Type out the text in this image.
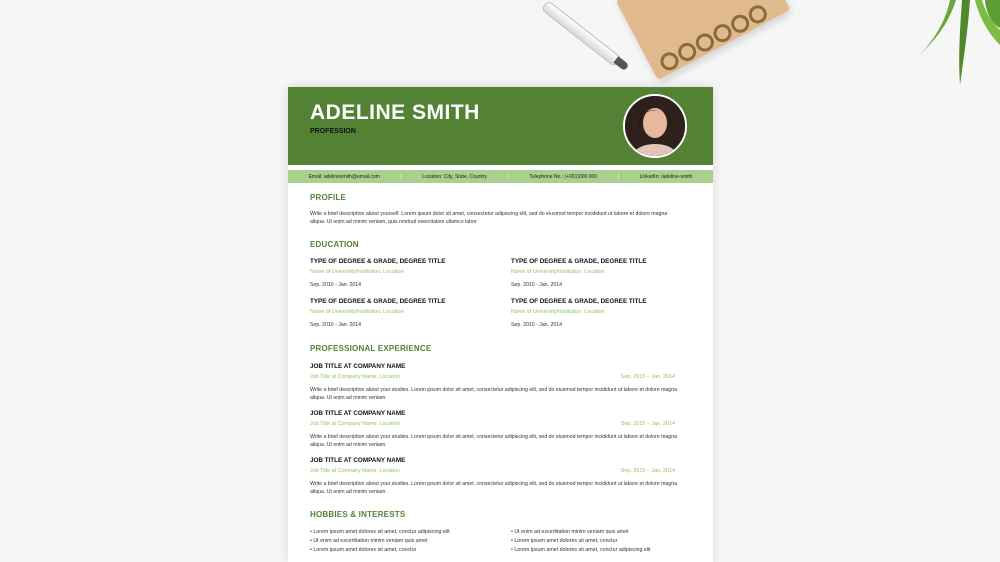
ADELINE SMITH
PROFESSION
Email: adelinesmith@email.com	|	Location: City, State, Country	|	Telephone No.: (+001)000 000	|	LinkedIn: /adeline-smith
PROFILE
Write a brief description about yourself. Lorem ipsum dolor sit amet, consectetur adipiscing elit, sed do eiusmod tempor incididunt ut labore et dolore magna aliqua. Ut enim ad minim veniam, quis nostrud exercitation ullamco labor
EDUCATION
TYPE OF DEGREE & GRADE, DEGREE TITLE
Name of University/Institution, Location
Sep. 2010 - Jan. 2014
TYPE OF DEGREE & GRADE, DEGREE TITLE
Name of University/Institution, Location
Sep. 2010 - Jan. 2014
TYPE OF DEGREE & GRADE, DEGREE TITLE
Name of University/Institution, Location
Sep. 2010 - Jan. 2014
TYPE OF DEGREE & GRADE, DEGREE TITLE
Name of University/Institution, Location
Sep. 2010 - Jan. 2014
PROFESSIONAL EXPERIENCE
JOB TITLE AT COMPANY NAME
Job Title at Company Name, Location	Sep. 2010 – Jan. 2014
Write a brief description about your studies. Lorem ipsum dolor sit amet, consectetur adipiscing elit, sed do eiusmod tempor incididunt ut labore et dolore magna aliqua. Ut enim ad minim veniam.
JOB TITLE AT COMPANY NAME
Job Title at Company Name, Location	Sep. 2010 – Jan. 2014
Write a brief description about your studies. Lorem ipsum dolor sit amet, consectetur adipiscing elit, sed do eiusmod tempor incididunt ut labore et dolore magna aliqua. Ut enim ad minim veniam.
JOB TITLE AT COMPANY NAME
Job Title at Company Name, Location	Sep. 2010 – Jan. 2014
Write a brief description about your studies. Lorem ipsum dolor sit amet, consectetur adipiscing elit, sed do eiusmod tempor incididunt ut labore et dolore magna aliqua. Ut enim ad minim veniam.
HOBBIES & INTERESTS
• Lorem ipsum amet dolores sit amet, conctur adipiscing elit
• Ut enim ad excertitation minim veniam quis amet
• Lorem ipsum amet dolores sit amet, conctur
• Ut enim ad excertitation minim veniam quis amet
• Lorem ipsum amet dolores sit amet, conctur
• Lorem ipsum amet dolores sit amet, conctur adipiscing elit
